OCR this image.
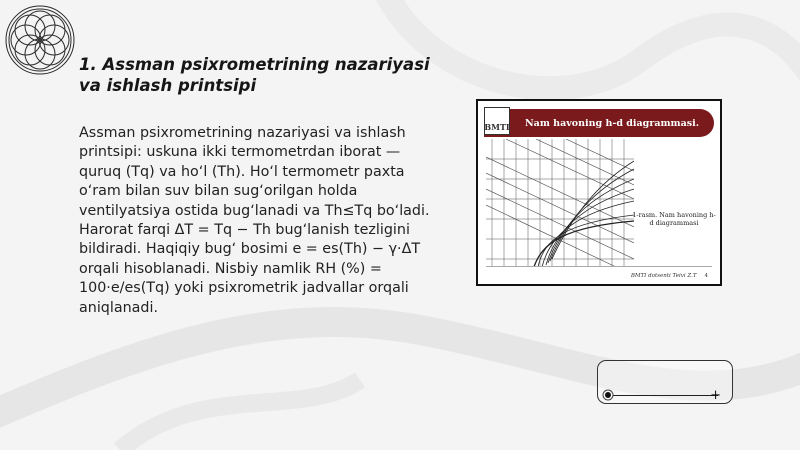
1. Assman psixrometrining nazariyasi va ishlash printsipi

Assman psixrometrining nazariyasi va ishlash printsipi: uskuna ikki termometrdan iborat — quruq (Tq) va ho‘l (Th). Ho‘l termometr paxta o‘ram bilan suv bilan sug‘orilgan holda ventilyatsiya ostida bug‘lanadi va Th≤Tq bo‘ladi. Harorat farqi ΔT = Tq − Th bug‘lanish tezligini bildiradi. Haqiqiy bug‘ bosimi e = es(Th) − γ·ΔT orqali hisoblanadi. Nisbiy namlik RH (%) = 100·e/es(Tq) yoki psixrometrik jadvallar orqali aniqlanadi.

BMTI	Nam havoning h-d diagrammasi.
1-rasm. Nam havoning h-d diagrammasi
BMTI dotsenti Teivi Z.T 4
+
